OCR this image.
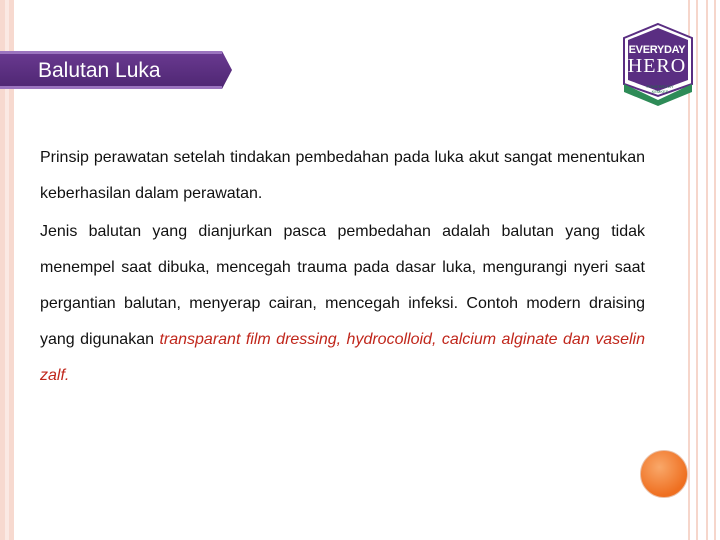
Balutan Luka
EVERYDAY
HERO
POWERED BY KEMKES

Prinsip perawatan setelah tindakan pembedahan pada luka akut sangat menentukan keberhasilan dalam perawatan.

Jenis balutan yang dianjurkan pasca pembedahan adalah balutan yang tidak menempel saat dibuka, mencegah trauma pada dasar luka, mengurangi nyeri saat pergantian balutan, menyerap cairan, mencegah infeksi. Contoh modern draising yang digunakan transparant film dressing, hydrocolloid, calcium alginate dan vaselin zalf.
